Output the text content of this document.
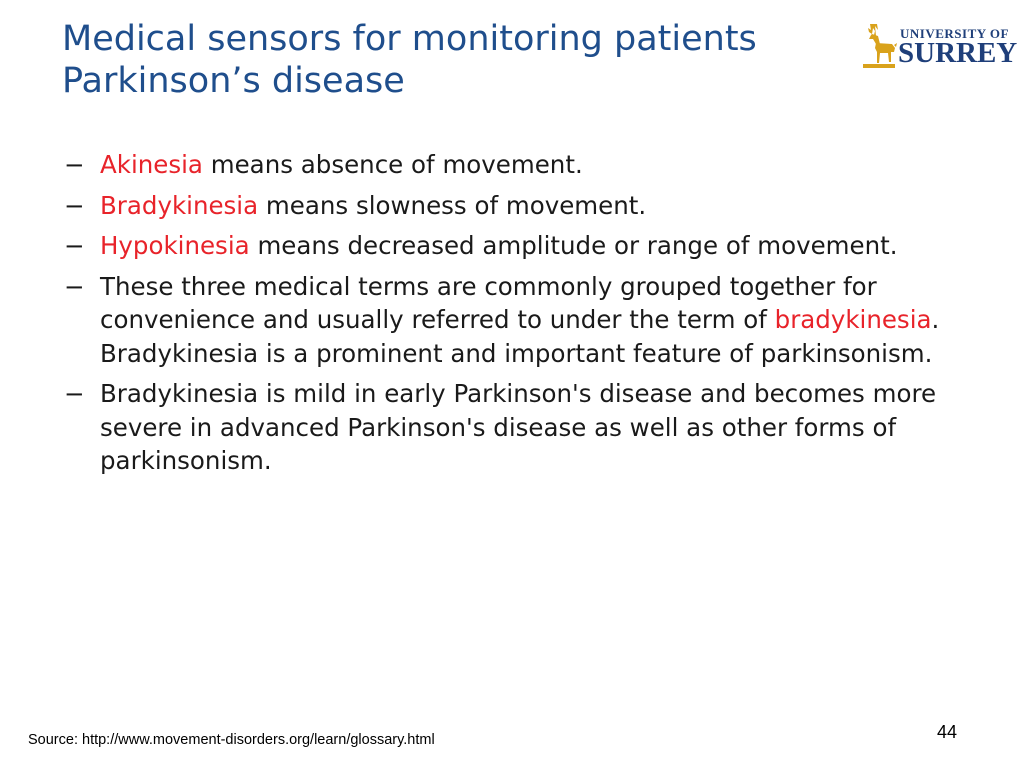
Medical sensors for monitoring patients Parkinson’s disease
UNIVERSITY OF
SURREY
− Akinesia means absence of movement.
− Bradykinesia means slowness of movement.
− Hypokinesia means decreased amplitude or range of movement.
− These three medical terms are commonly grouped together for convenience and usually referred to under the term of bradykinesia. Bradykinesia is a prominent and important feature of parkinsonism.
− Bradykinesia is mild in early Parkinson's disease and becomes more severe in advanced Parkinson's disease as well as other forms of parkinsonism.
Source: http://www.movement-disorders.org/learn/glossary.html	44
